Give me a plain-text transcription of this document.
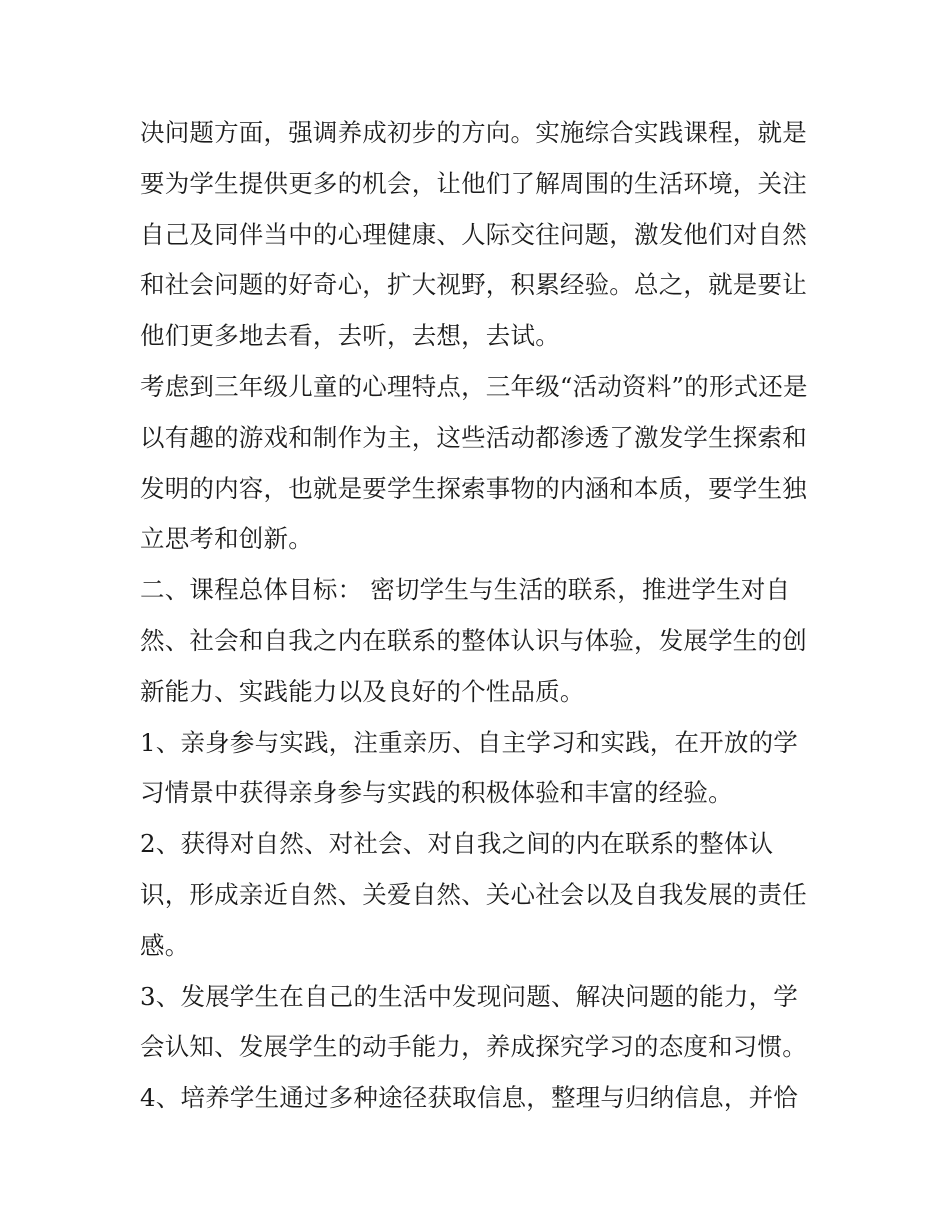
决问题方面，强调养成初步的方向。实施综合实践课程，就是

要为学生提供更多的机会，让他们了解周围的生活环境，关注

自己及同伴当中的心理健康、人际交往问题，激发他们对自然

和社会问题的好奇心，扩大视野，积累经验。总之，就是要让

他们更多地去看，去听，去想，去试。

考虑到三年级儿童的心理特点，三年级“活动资料”的形式还是

以有趣的游戏和制作为主，这些活动都渗透了激发学生探索和

发明的内容，也就是要学生探索事物的内涵和本质，要学生独

立思考和创新。

二、课程总体目标： 密切学生与生活的联系，推进学生对自

然、社会和自我之内在联系的整体认识与体验，发展学生的创

新能力、实践能力以及良好的个性品质。

1、亲身参与实践，注重亲历、自主学习和实践，在开放的学

习情景中获得亲身参与实践的积极体验和丰富的经验。

2、获得对自然、对社会、对自我之间的内在联系的整体认

识，形成亲近自然、关爱自然、关心社会以及自我发展的责任

感。

3、发展学生在自己的生活中发现问题、解决问题的能力，学

会认知、发展学生的动手能力，养成探究学习的态度和习惯。

4、培养学生通过多种途径获取信息，整理与归纳信息，并恰
